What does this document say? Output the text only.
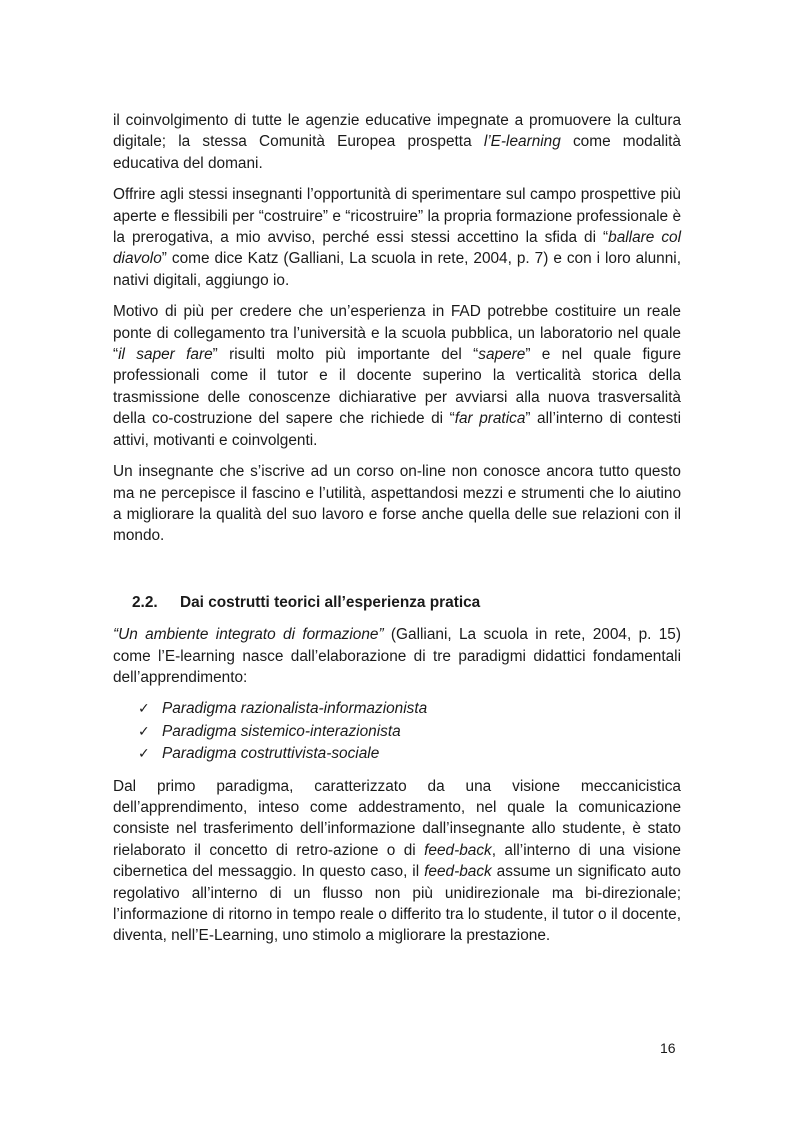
il coinvolgimento di tutte le agenzie educative impegnate a promuovere la cultura digitale; la stessa Comunità Europea prospetta l’E-learning come modalità educativa del domani.

Offrire agli stessi insegnanti l’opportunità di sperimentare sul campo prospettive più aperte e flessibili per “costruire” e “ricostruire” la propria formazione professionale è la prerogativa, a mio avviso, perché essi stessi accettino la sfida di “ballare col diavolo” come dice Katz (Galliani, La scuola in rete, 2004, p. 7) e con i loro alunni, nativi digitali, aggiungo io.

Motivo di più per credere che un’esperienza in FAD potrebbe costituire un reale ponte di collegamento tra l’università e la scuola pubblica, un laboratorio nel quale “il saper fare” risulti molto più importante del “sapere” e nel quale figure professionali come il tutor e il docente superino la verticalità storica della trasmissione delle conoscenze dichiarative per avviarsi alla nuova trasversalità della co-costruzione del sapere che richiede di “far pratica” all’interno di contesti attivi, motivanti e coinvolgenti.

Un insegnante che s’iscrive ad un corso on-line non conosce ancora tutto questo ma ne percepisce il fascino e l’utilità, aspettandosi mezzi e strumenti che lo aiutino a migliorare la qualità del suo lavoro e forse anche quella delle sue relazioni con il mondo.

2.2. Dai costrutti teorici all’esperienza pratica

“Un ambiente integrato di formazione” (Galliani, La scuola in rete, 2004, p. 15) come l’E-learning nasce dall’elaborazione di tre paradigmi didattici fondamentali dell’apprendimento:

✓ Paradigma razionalista-informazionista
✓ Paradigma sistemico-interazionista
✓ Paradigma costruttivista-sociale

Dal primo paradigma, caratterizzato da una visione meccanicistica dell’apprendimento, inteso come addestramento, nel quale la comunicazione consiste nel trasferimento dell’informazione dall’insegnante allo studente, è stato rielaborato il concetto di retro-azione o di feed-back, all’interno di una visione cibernetica del messaggio. In questo caso, il feed-back assume un significato auto regolativo all’interno di un flusso non più unidirezionale ma bi-direzionale; l’informazione di ritorno in tempo reale o differito tra lo studente, il tutor o il docente, diventa, nell’E-Learning, uno stimolo a migliorare la prestazione.

16
